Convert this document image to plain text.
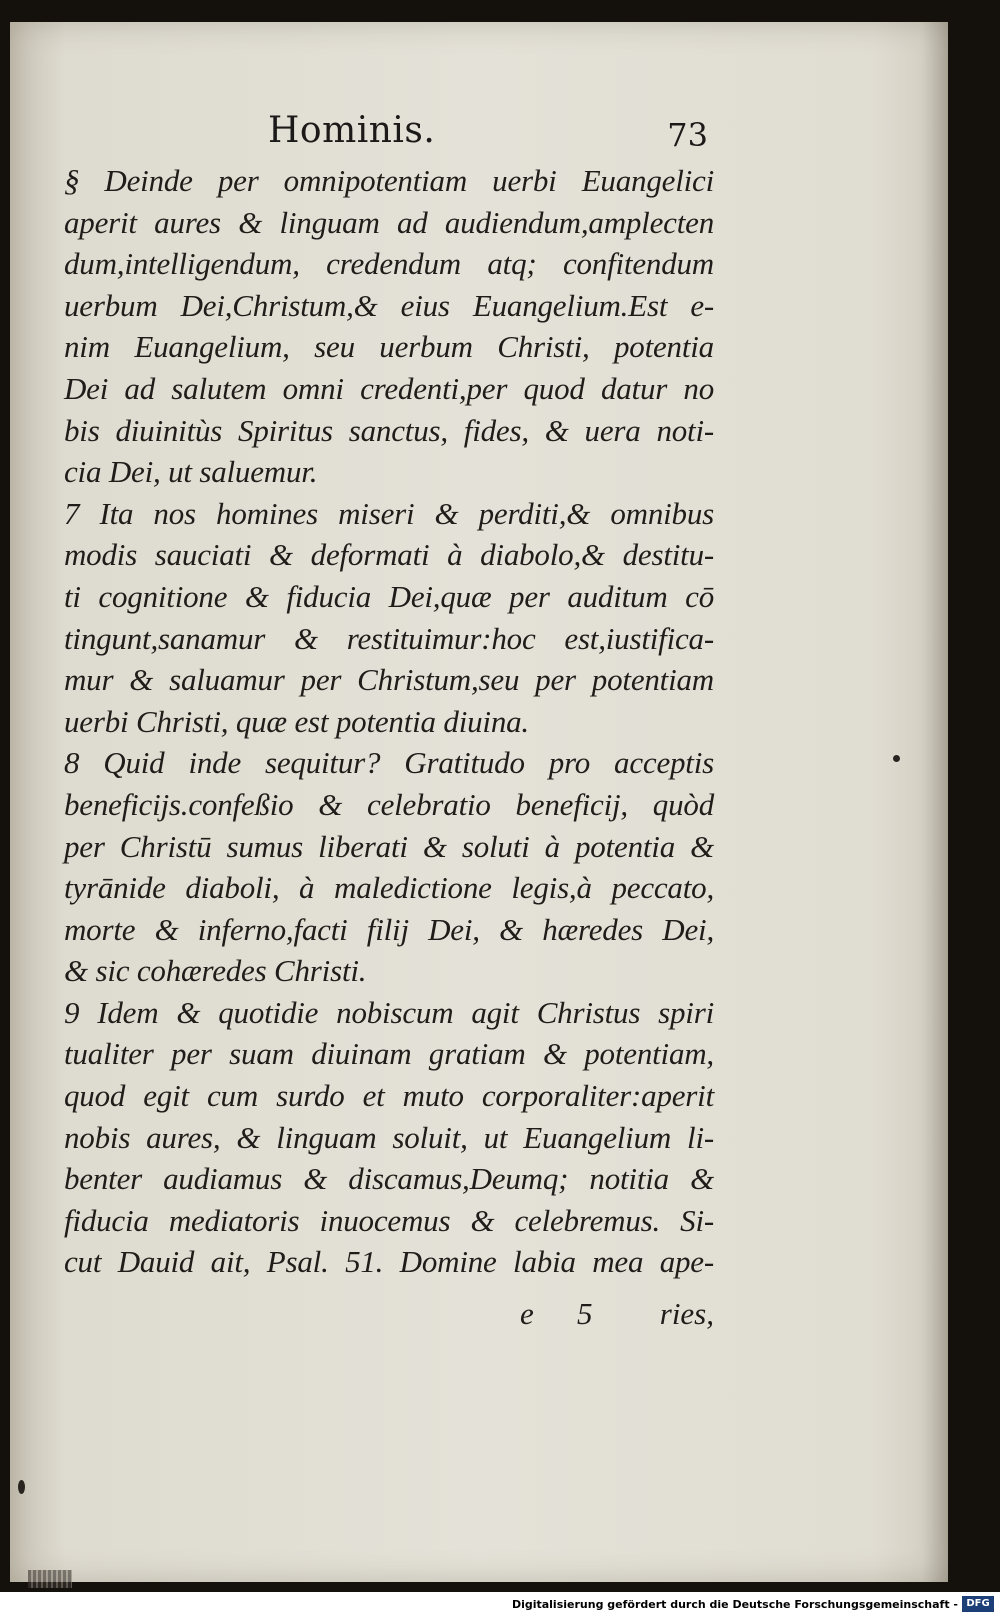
Hominis.	73
§ Deinde per omnipotentiam uerbi Euangelici
aperit aures & linguam ad audiendum,amplecten
dum,intelligendum, credendum atq; confitendum
uerbum Dei,Christum,& eius Euangelium.Est e-
nim Euangelium, seu uerbum Christi, potentia
Dei ad salutem omni credenti,per quod datur no
bis diuinitùs Spiritus sanctus, fides, & uera noti-
cia Dei, ut saluemur.
7 Ita nos homines miseri & perditi,& omnibus
modis sauciati & deformati à diabolo,& destitu-
ti cognitione & fiducia Dei,quæ per auditum cō
tingunt,sanamur & restituimur:hoc est,iustifica-
mur & saluamur per Christum,seu per potentiam
uerbi Christi, quæ est potentia diuina.
8 Quid inde sequitur? Gratitudo pro acceptis
beneficijs.confeßio & celebratio beneficij, quòd
per Christū sumus liberati & soluti à potentia &
tyrānide diaboli, à maledictione legis,à peccato,
morte & inferno,facti filij Dei, & hæredes Dei,
& sic cohæredes Christi.
9 Idem & quotidie nobiscum agit Christus spiri
tualiter per suam diuinam gratiam & potentiam,
quod egit cum surdo et muto corporaliter:aperit
nobis aures, & linguam soluit, ut Euangelium li-
benter audiamus & discamus,Deumq; notitia &
fiducia mediatoris inuocemus & celebremus. Si-
cut Dauid ait, Psal. 51. Domine labia mea ape-
e 5 ries,
Digitalisierung gefördert durch die Deutsche Forschungsgemeinschaft - DFG
